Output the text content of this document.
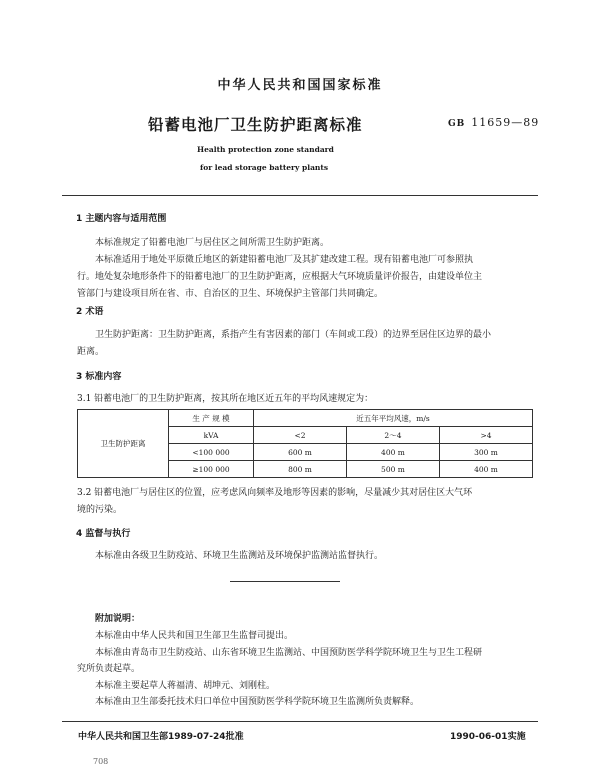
中华人民共和国国家标准
铅蓄电池厂卫生防护距离标准	GB 11659—89
Health protection zone standard
for lead storage battery plants
1 主题内容与适用范围
本标准规定了铅蓄电池厂与居住区之间所需卫生防护距离。
本标准适用于地处平原微丘地区的新建铅蓄电池厂及其扩建改建工程。现有铅蓄电池厂可参照执
行。地处复杂地形条件下的铅蓄电池厂的卫生防护距离，应根据大气环境质量评价报告，由建设单位主
管部门与建设项目所在省、市、自治区的卫生、环境保护主管部门共同确定。
2 术语
卫生防护距离：卫生防护距离，系指产生有害因素的部门（车间或工段）的边界至居住区边界的最小
距离。
3 标准内容
3.1 铅蓄电池厂的卫生防护距离，按其所在地区近五年的平均风速规定为：
卫生防护距离	生 产 规 模	近五年平均风速，m/s		
	kVA	<2	2～4	>4
	<100 000	600 m	400 m	300 m
	≥100 000	800 m	500 m	400 m
3.2 铅蓄电池厂与居住区的位置，应考虑风向频率及地形等因素的影响，尽量减少其对居住区大气环
境的污染。
4 监督与执行
本标准由各级卫生防疫站、环境卫生监测站及环境保护监测站监督执行。
附加说明：
本标准由中华人民共和国卫生部卫生监督司提出。
本标准由青岛市卫生防疫站、山东省环境卫生监测站、中国预防医学科学院环境卫生与卫生工程研
究所负责起草。
本标准主要起草人蒋福清、胡坤元、刘刚柱。
本标准由卫生部委托技术归口单位中国预防医学科学院环境卫生监测所负责解释。
中华人民共和国卫生部1989-07-24批准	1990-06-01实施
708
